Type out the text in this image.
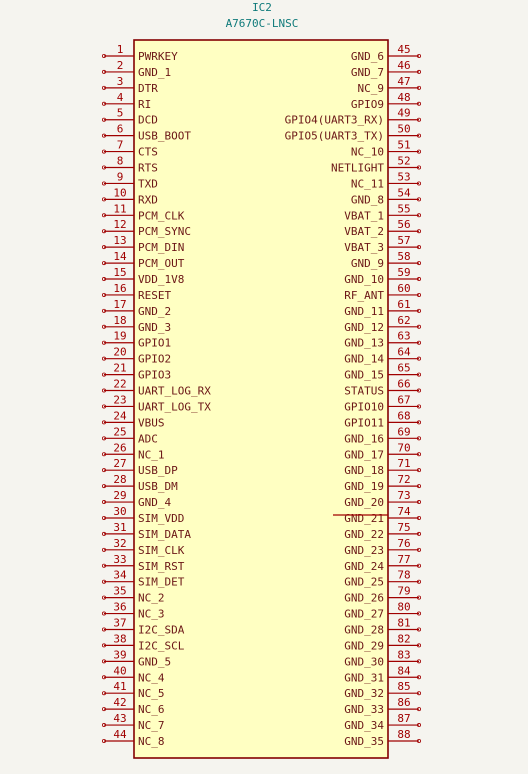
IC2
A7670C-LNSC
1
PWRKEY
2
GND_1
3
DTR
4
RI
5
DCD
6
USB_BOOT
7
CTS
8
RTS
9
TXD
10
RXD
11
PCM_CLK
12
PCM_SYNC
13
PCM_DIN
14
PCM_OUT
15
VDD_1V8
16
RESET
17
GND_2
18
GND_3
19
GPIO1
20
GPIO2
21
GPIO3
22
UART_LOG_RX
23
UART_LOG_TX
24
VBUS
25
ADC
26
NC_1
27
USB_DP
28
USB_DM
29
GND_4
30
SIM_VDD
31
SIM_DATA
32
SIM_CLK
33
SIM_RST
34
SIM_DET
35
NC_2
36
NC_3
37
I2C_SDA
38
I2C_SCL
39
GND_5
40
NC_4
41
NC_5
42
NC_6
43
NC_7
44
NC_8
45
GND_6
46
GND_7
47
NC_9
48
GPIO9
49
GPIO4(UART3_RX)
50
GPIO5(UART3_TX)
51
NC_10
52
NETLIGHT
53
NC_11
54
GND_8
55
VBAT_1
56
VBAT_2
57
VBAT_3
58
GND_9
59
GND_10
60
RF_ANT
61
GND_11
62
GND_12
63
GND_13
64
GND_14
65
GND_15
66
STATUS
67
GPIO10
68
GPIO11
69
GND_16
70
GND_17
71
GND_18
72
GND_19
73
GND_20
74
GND_21
75
GND_22
76
GND_23
77
GND_24
78
GND_25
79
GND_26
80
GND_27
81
GND_28
82
GND_29
83
GND_30
84
GND_31
85
GND_32
86
GND_33
87
GND_34
88
GND_35
